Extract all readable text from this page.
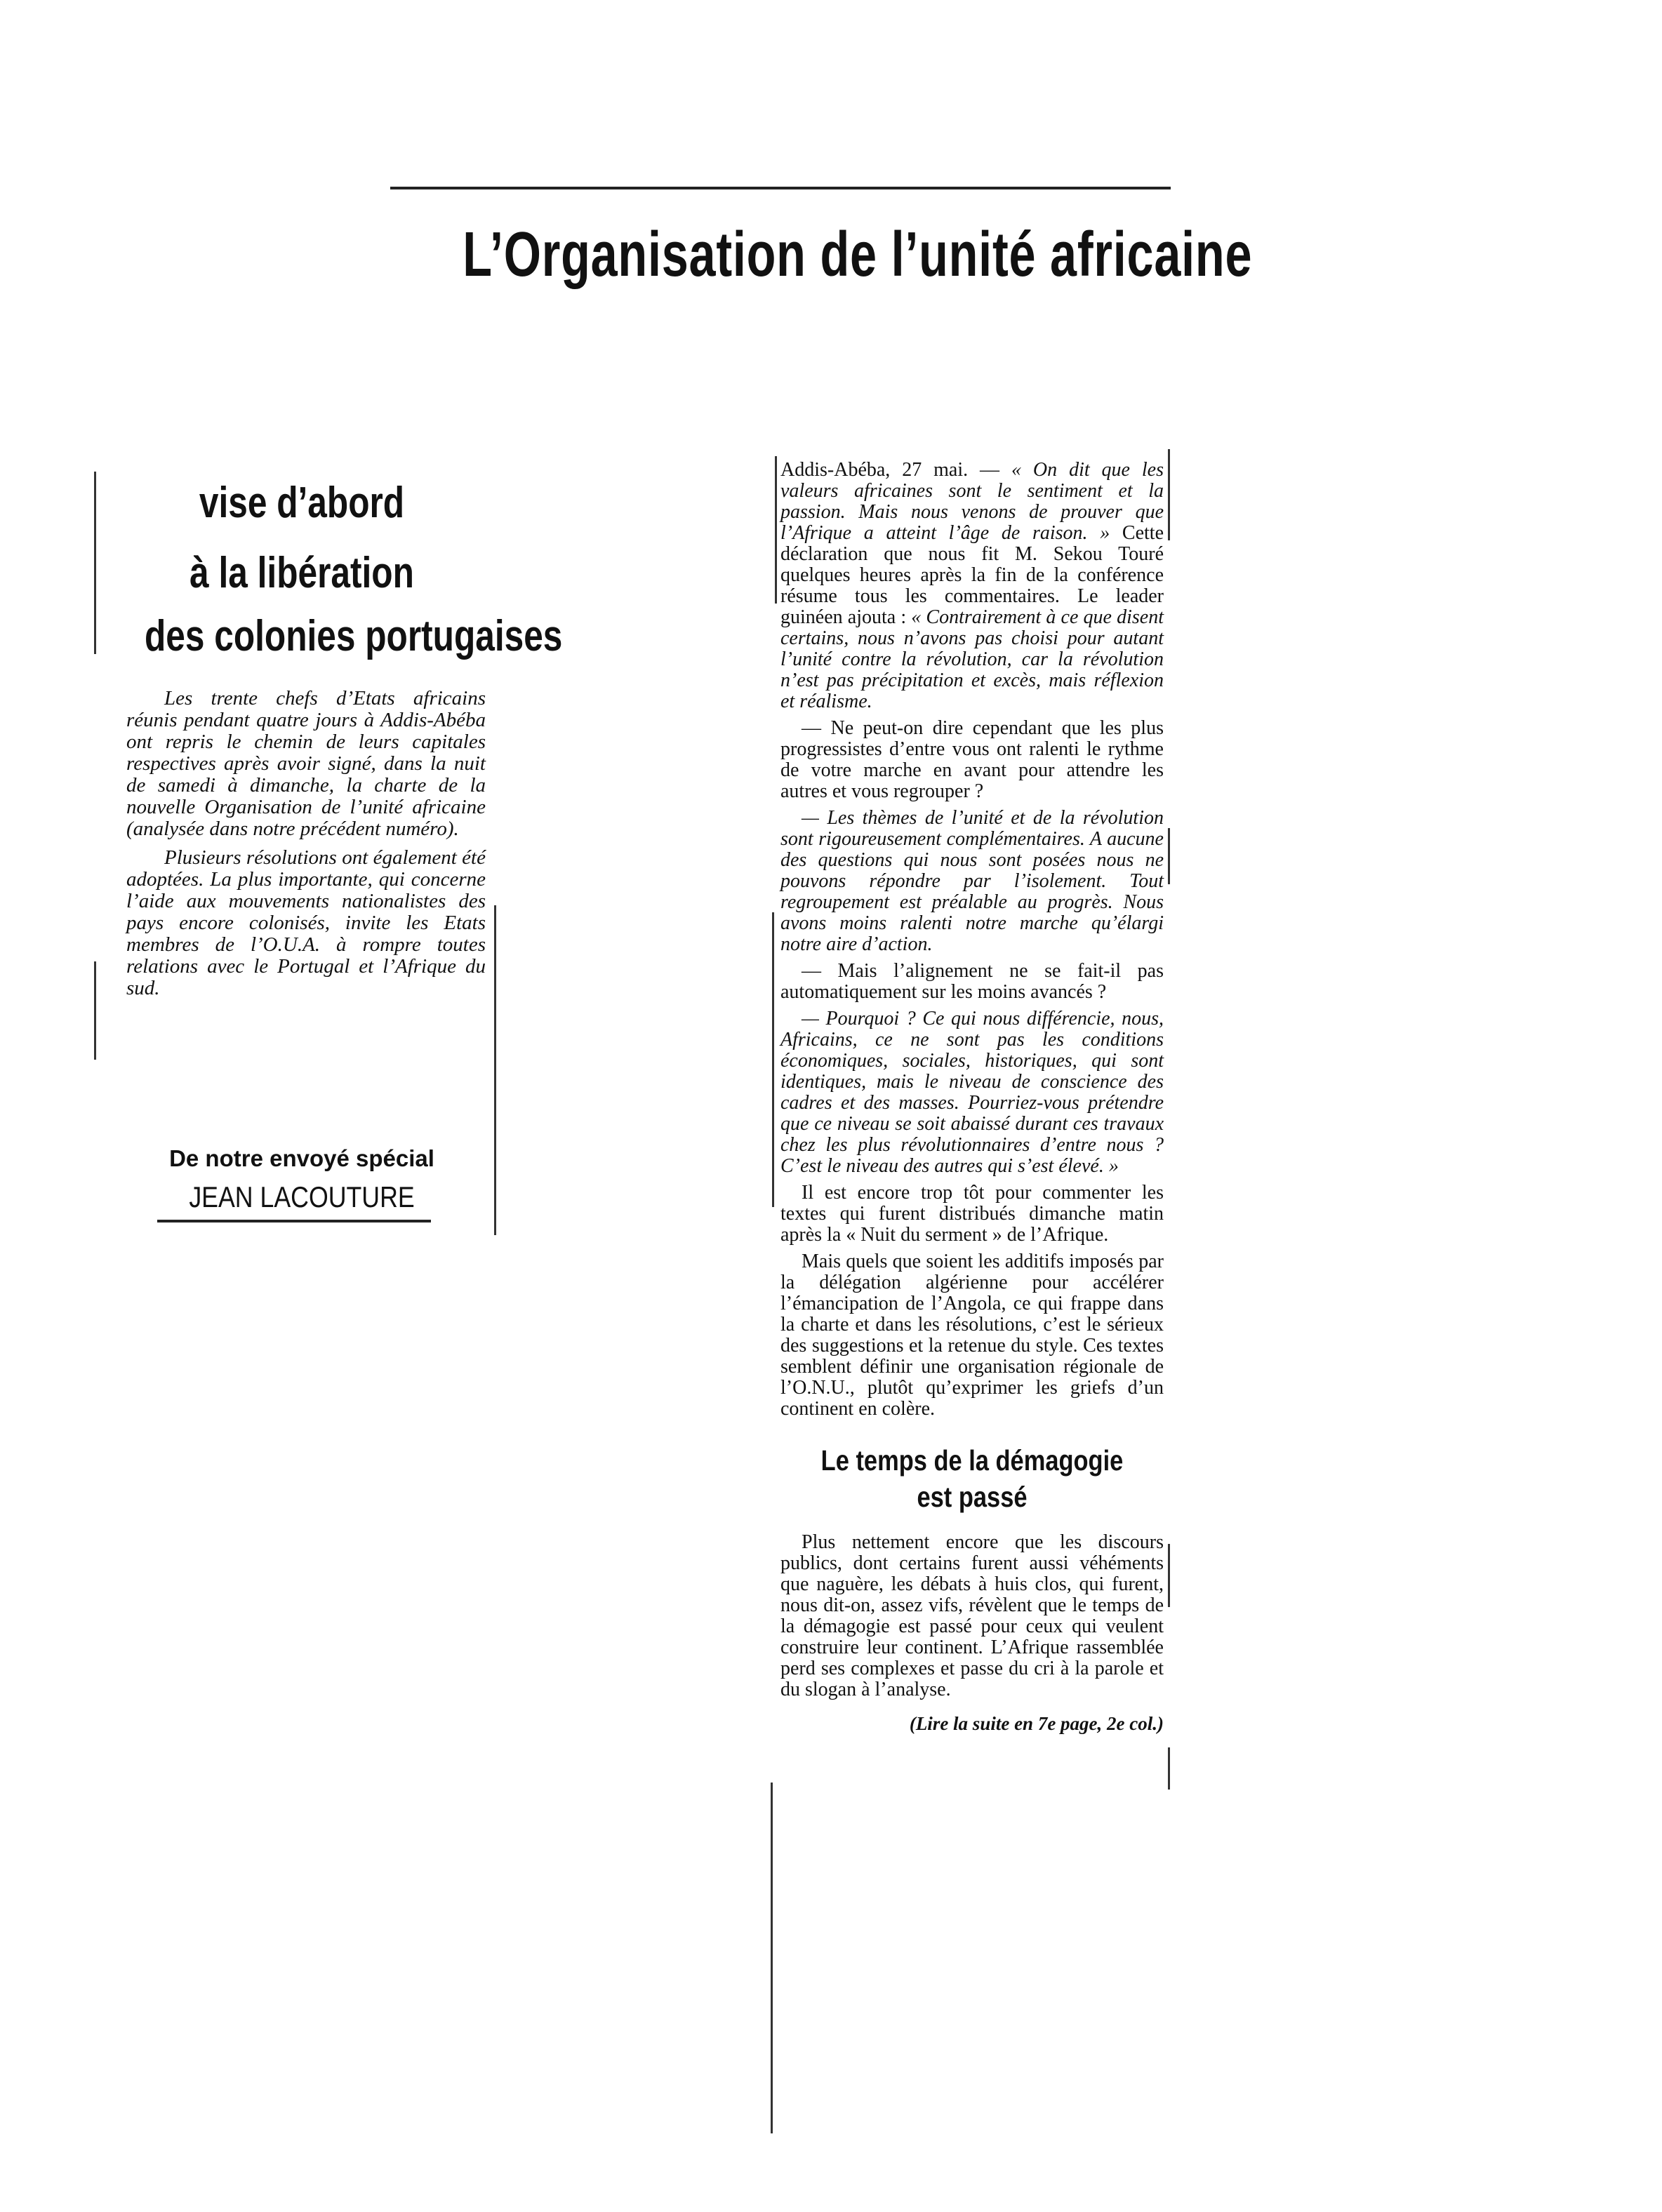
L’Organisation de l’unité africaine
vise d’abord
à la libération
des colonies portugaises

Les trente chefs d’Etats africains réunis pendant quatre jours à Addis-Abéba ont repris le chemin de leurs capitales respectives après avoir signé, dans la nuit de samedi à dimanche, la charte de la nouvelle Organisation de l’unité africaine (analysée dans notre précédent numéro).

Plusieurs résolutions ont également été adoptées. La plus importante, qui concerne l’aide aux mouvements nationalistes des pays encore colonisés, invite les Etats membres de l’O.U.A. à rompre toutes relations avec le Portugal et l’Afrique du sud.

De notre envoyé spécial
JEAN LACOUTURE

Addis-Abéba, 27 mai. — « On dit que les valeurs africaines sont le sentiment et la passion. Mais nous venons de prouver que l’Afrique a atteint l’âge de raison. » Cette déclaration que nous fit M. Sekou Touré quelques heures après la fin de la conférence résume tous les commentaires. Le leader guinéen ajouta : « Contrairement à ce que disent certains, nous n’avons pas choisi pour autant l’unité contre la révolution, car la révolution n’est pas précipitation et excès, mais réflexion et réalisme.

— Ne peut-on dire cependant que les plus progressistes d’entre vous ont ralenti le rythme de votre marche en avant pour attendre les autres et vous regrouper ?

— Les thèmes de l’unité et de la révolution sont rigoureusement complémentaires. A aucune des questions qui nous sont posées nous ne pouvons répondre par l’isolement. Tout regroupement est préalable au progrès. Nous avons moins ralenti notre marche qu’élargi notre aire d’action.

— Mais l’alignement ne se fait-il pas automatiquement sur les moins avancés ?

— Pourquoi ? Ce qui nous différencie, nous, Africains, ce ne sont pas les conditions économiques, sociales, historiques, qui sont identiques, mais le niveau de conscience des cadres et des masses. Pourriez-vous prétendre que ce niveau se soit abaissé durant ces travaux chez les plus révolutionnaires d’entre nous ? C’est le niveau des autres qui s’est élevé. »

Il est encore trop tôt pour commenter les textes qui furent distribués dimanche matin après la « Nuit du serment » de l’Afrique.

Mais quels que soient les additifs imposés par la délégation algérienne pour accélérer l’émancipation de l’Angola, ce qui frappe dans la charte et dans les résolutions, c’est le sérieux des suggestions et la retenue du style. Ces textes semblent définir une organisation régionale de l’O.N.U., plutôt qu’exprimer les griefs d’un continent en colère.

Le temps de la démagogie
est passé

Plus nettement encore que les discours publics, dont certains furent aussi véhéments que naguère, les débats à huis clos, qui furent, nous dit-on, assez vifs, révèlent que le temps de la démagogie est passé pour ceux qui veulent construire leur continent. L’Afrique rassemblée perd ses complexes et passe du cri à la parole et du slogan à l’analyse.

(Lire la suite en 7e page, 2e col.)
